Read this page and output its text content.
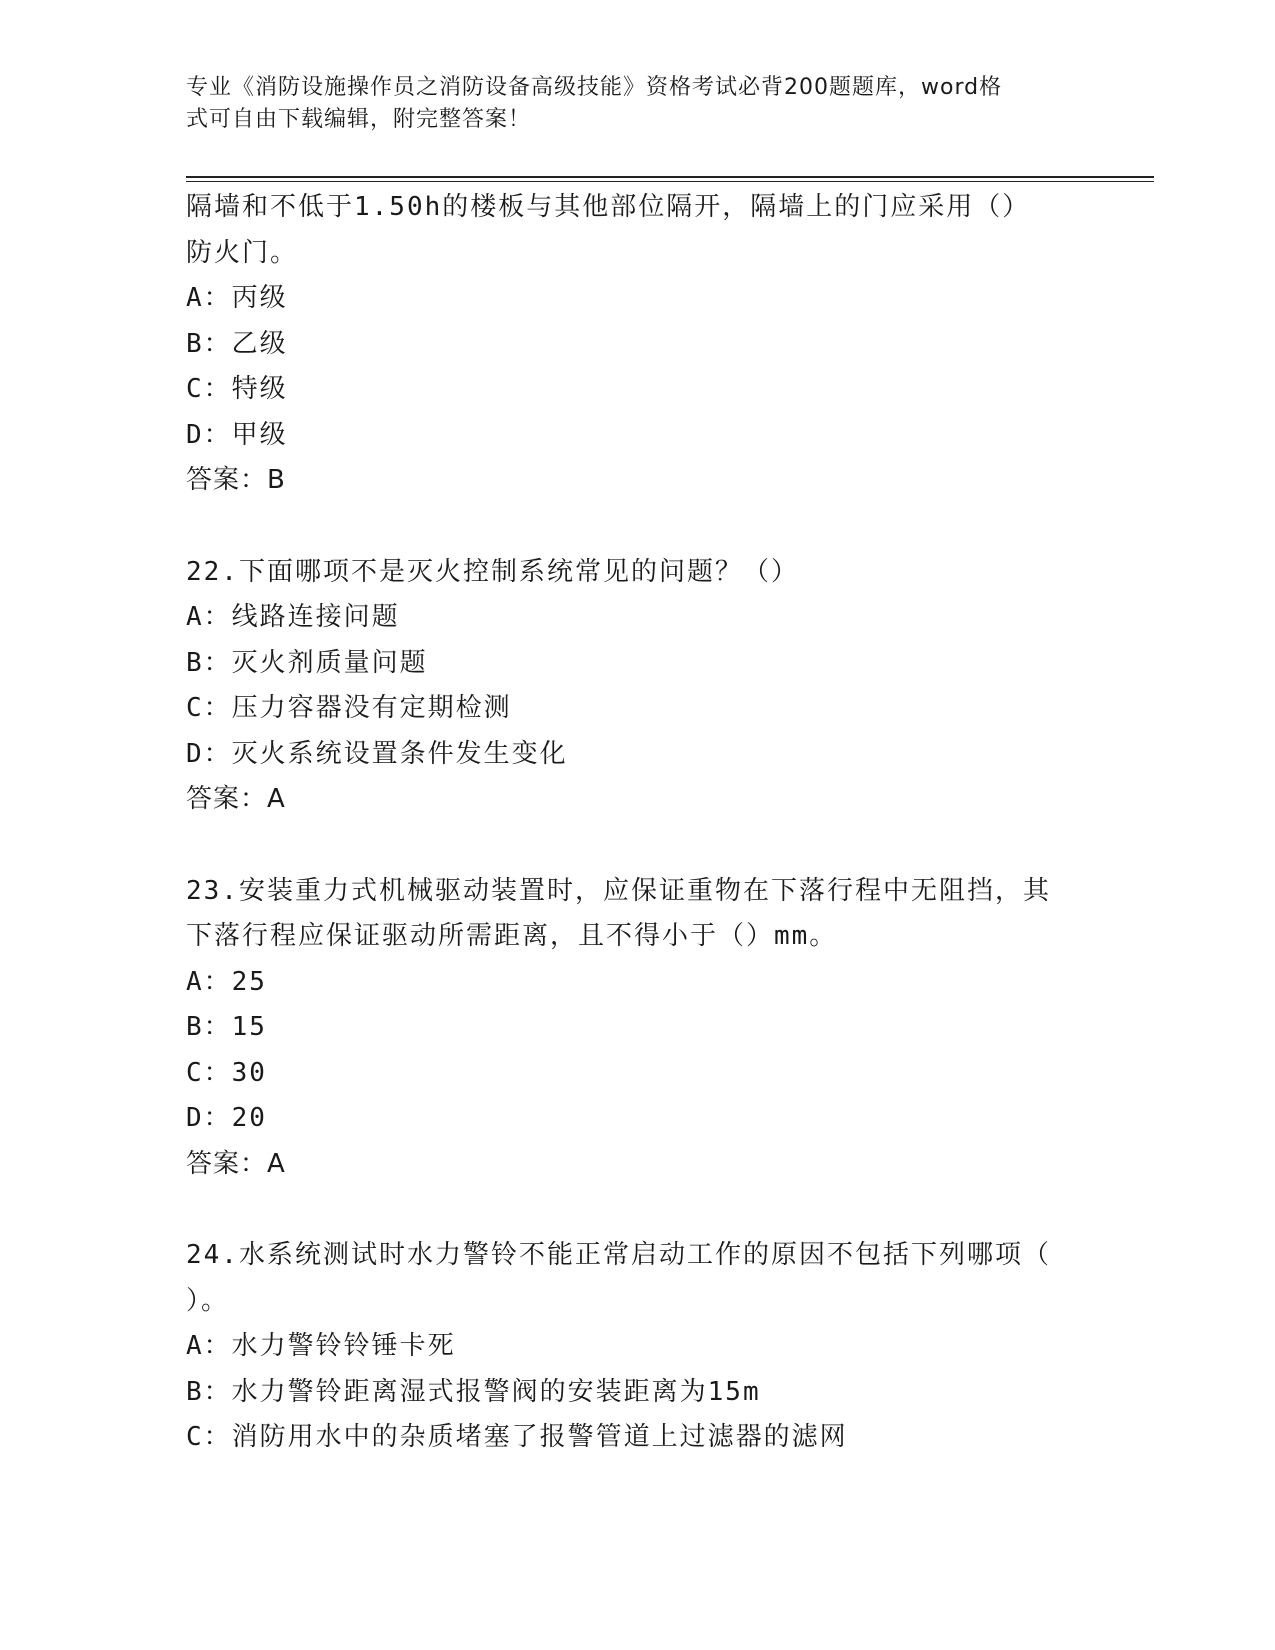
专业《消防设施操作员之消防设备高级技能》资格考试必背200题题库，word格
式可自由下载编辑，附完整答案！
隔墙和不低于1.50h的楼板与其他部位隔开，隔墙上的门应采用（）
防火门。
A：丙级
B：乙级
C：特级
D：甲级
答案：B
22.下面哪项不是灭火控制系统常见的问题？（）
A：线路连接问题
B：灭火剂质量问题
C：压力容器没有定期检测
D：灭火系统设置条件发生变化
答案：A
23.安装重力式机械驱动装置时，应保证重物在下落行程中无阻挡，其
下落行程应保证驱动所需距离，且不得小于（）mm。
A：25
B：15
C：30
D：20
答案：A
24.水系统测试时水力警铃不能正常启动工作的原因不包括下列哪项（
）。
A：水力警铃铃锤卡死
B：水力警铃距离湿式报警阀的安装距离为15m
C：消防用水中的杂质堵塞了报警管道上过滤器的滤网
